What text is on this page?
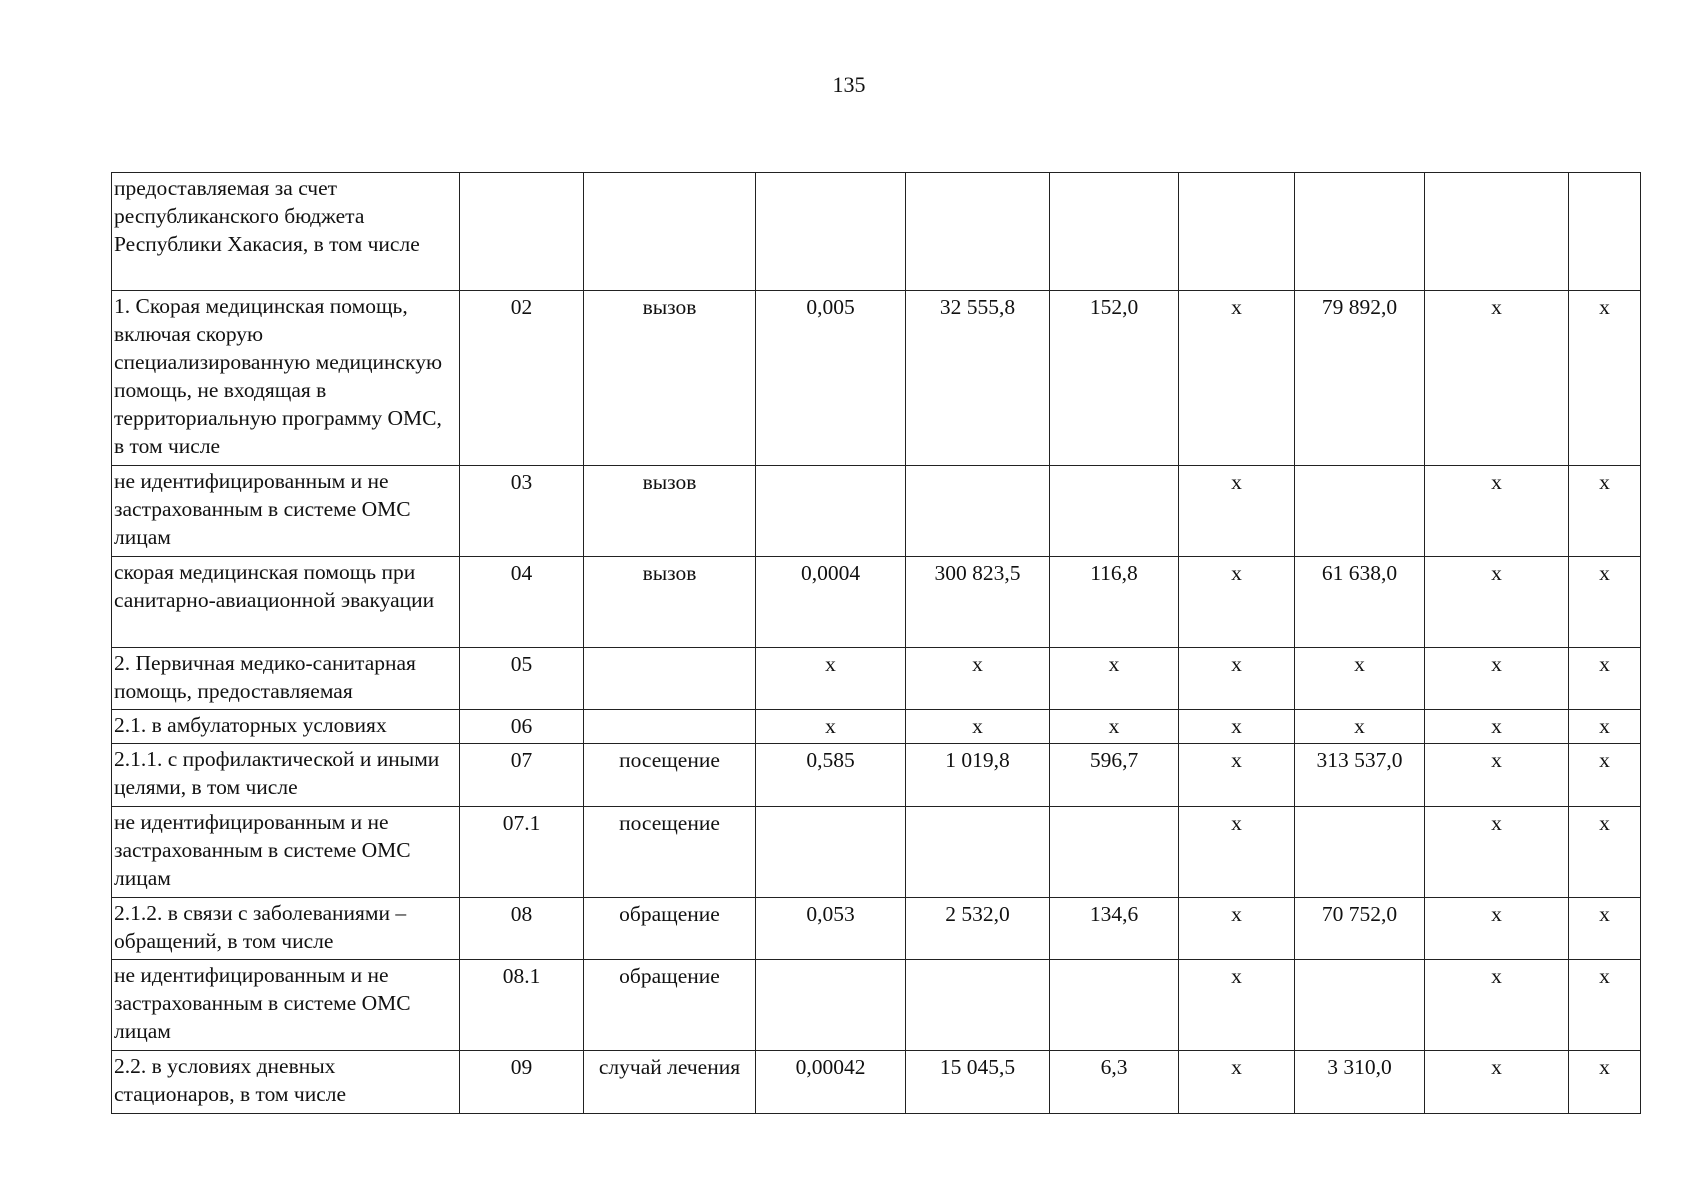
135
предоставляемая за счет республиканского бюджета Республики Хакасия, в том числе									
1. Скорая медицинская помощь, включая скорую специализированную медицинскую помощь, не входящая в территориальную программу ОМС, в том числе	02	вызов	0,005	32 555,8	152,0	х	79 892,0	х	х
не идентифицированным и не застрахованным в системе ОМС лицам	03	вызов				х		х	х
скорая медицинская помощь при санитарно-авиационной эвакуации	04	вызов	0,0004	300 823,5	116,8	х	61 638,0	х	х
2. Первичная медико-санитарная помощь, предоставляемая	05		х	х	х	х	х	х	х
2.1. в амбулаторных условиях	06		х	х	х	х	х	х	х
2.1.1. с профилактической и иными целями, в том числе	07	посещение	0,585	1 019,8	596,7	х	313 537,0	х	х
не идентифицированным и не застрахованным в системе ОМС лицам	07.1	посещение				х		х	х
2.1.2. в связи с заболеваниями – обращений, в том числе	08	обращение	0,053	2 532,0	134,6	х	70 752,0	х	х
не идентифицированным и не застрахованным в системе ОМС лицам	08.1	обращение				х		х	х
2.2. в условиях дневных стационаров, в том числе	09	случай лечения	0,00042	15 045,5	6,3	х	3 310,0	х	х
